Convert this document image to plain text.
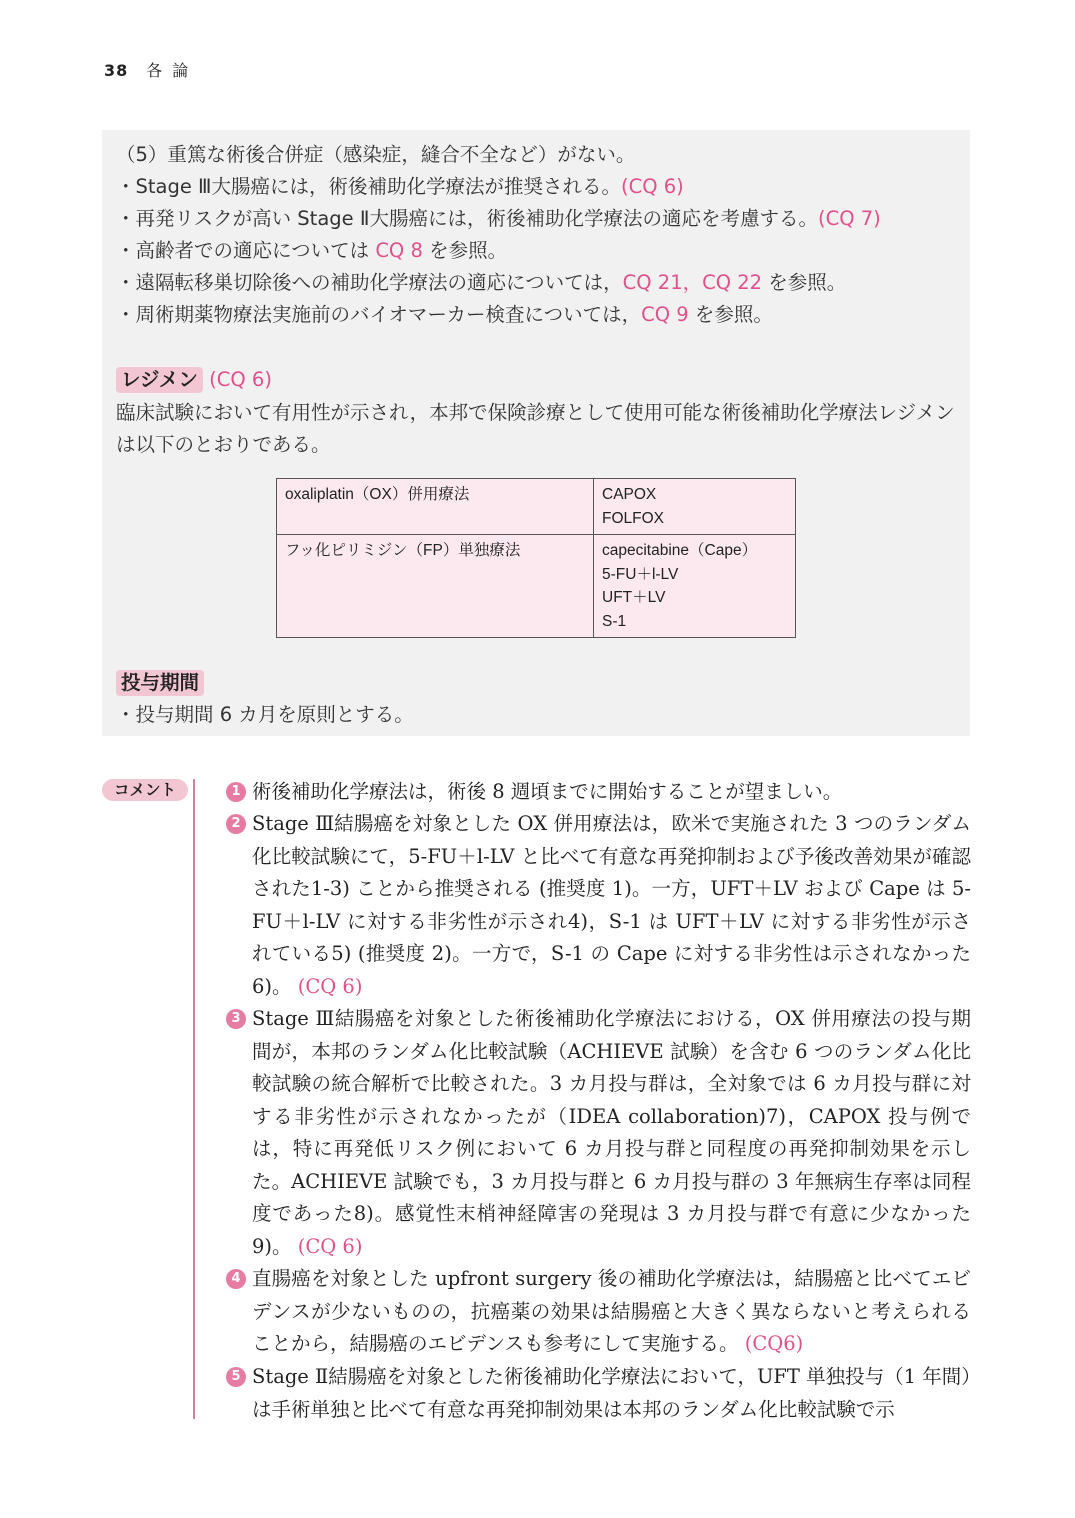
38 各論
（5）重篤な術後合併症（感染症，縫合不全など）がない。
・Stage Ⅲ大腸癌には，術後補助化学療法が推奨される。(CQ 6)
・再発リスクが高い Stage Ⅱ大腸癌には，術後補助化学療法の適応を考慮する。(CQ 7)
・高齢者での適応については CQ 8 を参照。
・遠隔転移巣切除後への補助化学療法の適応については，CQ 21，CQ 22 を参照。
・周術期薬物療法実施前のバイオマーカー検査については，CQ 9 を参照。
レジメン (CQ 6)
臨床試験において有用性が示され，本邦で保険診療として使用可能な術後補助化学療法レジメンは以下のとおりである。
oxaliplatin（OX）併用療法	CAPOX
FOLFOX

フッ化ピリミジン（FP）単独療法	capecitabine（Cape）
5-FU＋l-LV
UFT＋LV
S-1
投与期間
・投与期間 6 カ月を原則とする。
コメント	1 術後補助化学療法は，術後 8 週頃までに開始することが望ましい。
2 Stage Ⅲ結腸癌を対象とした OX 併用療法は，欧米で実施された 3 つのランダム化比較試験にて，5-FU＋l-LV と比べて有意な再発抑制および予後改善効果が確認された1-3) ことから推奨される (推奨度 1)。一方，UFT＋LV および Cape は 5-FU＋l-LV に対する非劣性が示され4)，S-1 は UFT＋LV に対する非劣性が示されている5) (推奨度 2)。一方で，S-1 の Cape に対する非劣性は示されなかった6)。 (CQ 6)
3 Stage Ⅲ結腸癌を対象とした術後補助化学療法における，OX 併用療法の投与期間が，本邦のランダム化比較試験（ACHIEVE 試験）を含む 6 つのランダム化比較試験の統合解析で比較された。3 カ月投与群は，全対象では 6 カ月投与群に対する非劣性が示されなかったが（IDEA collaboration)7)，CAPOX 投与例では，特に再発低リスク例において 6 カ月投与群と同程度の再発抑制効果を示した。ACHIEVE 試験でも，3 カ月投与群と 6 カ月投与群の 3 年無病生存率は同程度であった8)。感覚性末梢神経障害の発現は 3 カ月投与群で有意に少なかった9)。 (CQ 6)
4 直腸癌を対象とした upfront surgery 後の補助化学療法は，結腸癌と比べてエビデンスが少ないものの，抗癌薬の効果は結腸癌と大きく異ならないと考えられることから，結腸癌のエビデンスも参考にして実施する。 (CQ6)
5 Stage Ⅱ結腸癌を対象とした術後補助化学療法において，UFT 単独投与（1 年間）は手術単独と比べて有意な再発抑制効果は本邦のランダム化比較試験で示
